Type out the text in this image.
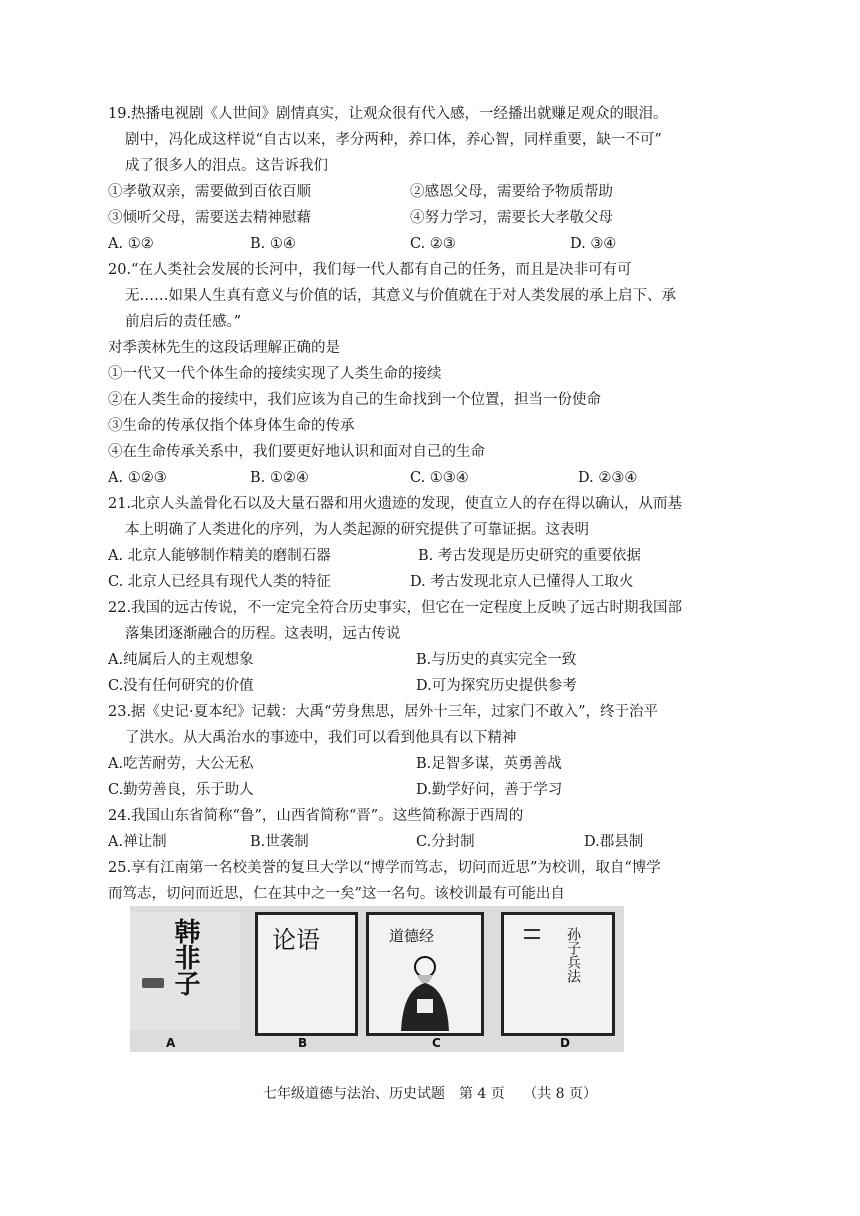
19.热播电视剧《人世间》剧情真实，让观众很有代入感，一经播出就赚足观众的眼泪。
剧中，冯化成这样说“自古以来，孝分两种，养口体，养心智，同样重要，缺一不可”
成了很多人的泪点。这告诉我们
①孝敬双亲，需要做到百依百顺	②感恩父母，需要给予物质帮助
③倾听父母，需要送去精神慰藉	④努力学习，需要长大孝敬父母
A. ①②	B. ①④	C. ②③	D. ③④
20.“在人类社会发展的长河中，我们每一代人都有自己的任务，而且是决非可有可
无……如果人生真有意义与价值的话，其意义与价值就在于对人类发展的承上启下、承
前启后的责任感。”
对季羡林先生的这段话理解正确的是
①一代又一代个体生命的接续实现了人类生命的接续
②在人类生命的接续中，我们应该为自己的生命找到一个位置，担当一份使命
③生命的传承仅指个体身体生命的传承
④在生命传承关系中，我们要更好地认识和面对自己的生命
A. ①②③	B. ①②④	C. ①③④	D. ②③④
21.北京人头盖骨化石以及大量石器和用火遗迹的发现，使直立人的存在得以确认，从而基
本上明确了人类进化的序列，为人类起源的研究提供了可靠证据。这表明
A. 北京人能够制作精美的磨制石器	B. 考古发现是历史研究的重要依据
C. 北京人已经具有现代人类的特征	D. 考古发现北京人已懂得人工取火
22.我国的远古传说，不一定完全符合历史事实，但它在一定程度上反映了远古时期我国部
落集团逐渐融合的历程。这表明，远古传说
A.纯属后人的主观想象	B.与历史的真实完全一致
C.没有任何研究的价值	D.可为探究历史提供参考
23.据《史记·夏本纪》记载：大禹“劳身焦思，居外十三年，过家门不敢入”，终于治平
了洪水。从大禹治水的事迹中，我们可以看到他具有以下精神
A.吃苦耐劳，大公无私	B.足智多谋，英勇善战
C.勤劳善良，乐于助人	D.勤学好问，善于学习
24.我国山东省简称“鲁”，山西省简称“晋”。这些简称源于西周的
A.禅让制	B.世袭制	C.分封制	D.郡县制
25.享有江南第一名校美誉的复旦大学以“博学而笃志，切问而近思”为校训，取自“博学
而笃志，切问而近思，仁在其中之一矣”这一名句。该校训最有可能出自
韩非子
A
论语
B
道德经
C
孙子兵法
D
七年级道德与法治、历史试题　第 4 页　 （共 8 页）
